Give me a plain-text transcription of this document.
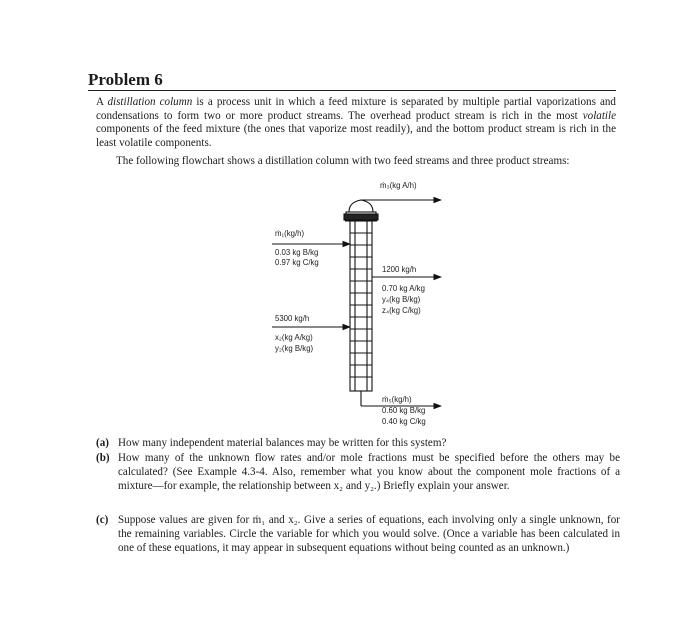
Problem 6
A distillation column is a process unit in which a feed mixture is separated by multiple partial vaporizations and condensations to form two or more product streams. The overhead product stream is rich in the most volatile components of the feed mixture (the ones that vaporize most readily), and the bottom product stream is rich in the least volatile components.
The following flowchart shows a distillation column with two feed streams and three product streams:
ṁ₃(kg A/h)
ṁ₁(kg/h)
0.03 kg B/kg
0.97 kg C/kg
1200 kg/h
0.70 kg A/kg
y₄(kg B/kg)
z₄(kg C/kg)
5300 kg/h
x₂(kg A/kg)
y₂(kg B/kg)
ṁ₅(kg/h)
0.60 kg B/kg
0.40 kg C/kg
(a) How many independent material balances may be written for this system?
(b) How many of the unknown flow rates and/or mole fractions must be specified before the others may be calculated? (See Example 4.3-4. Also, remember what you know about the component mole fractions of a mixture—for example, the relationship between x₂ and y₂.) Briefly explain your answer.
(c) Suppose values are given for ṁ₁ and x₂. Give a series of equations, each involving only a single unknown, for the remaining variables. Circle the variable for which you would solve. (Once a variable has been calculated in one of these equations, it may appear in subsequent equations without being counted as an unknown.)
